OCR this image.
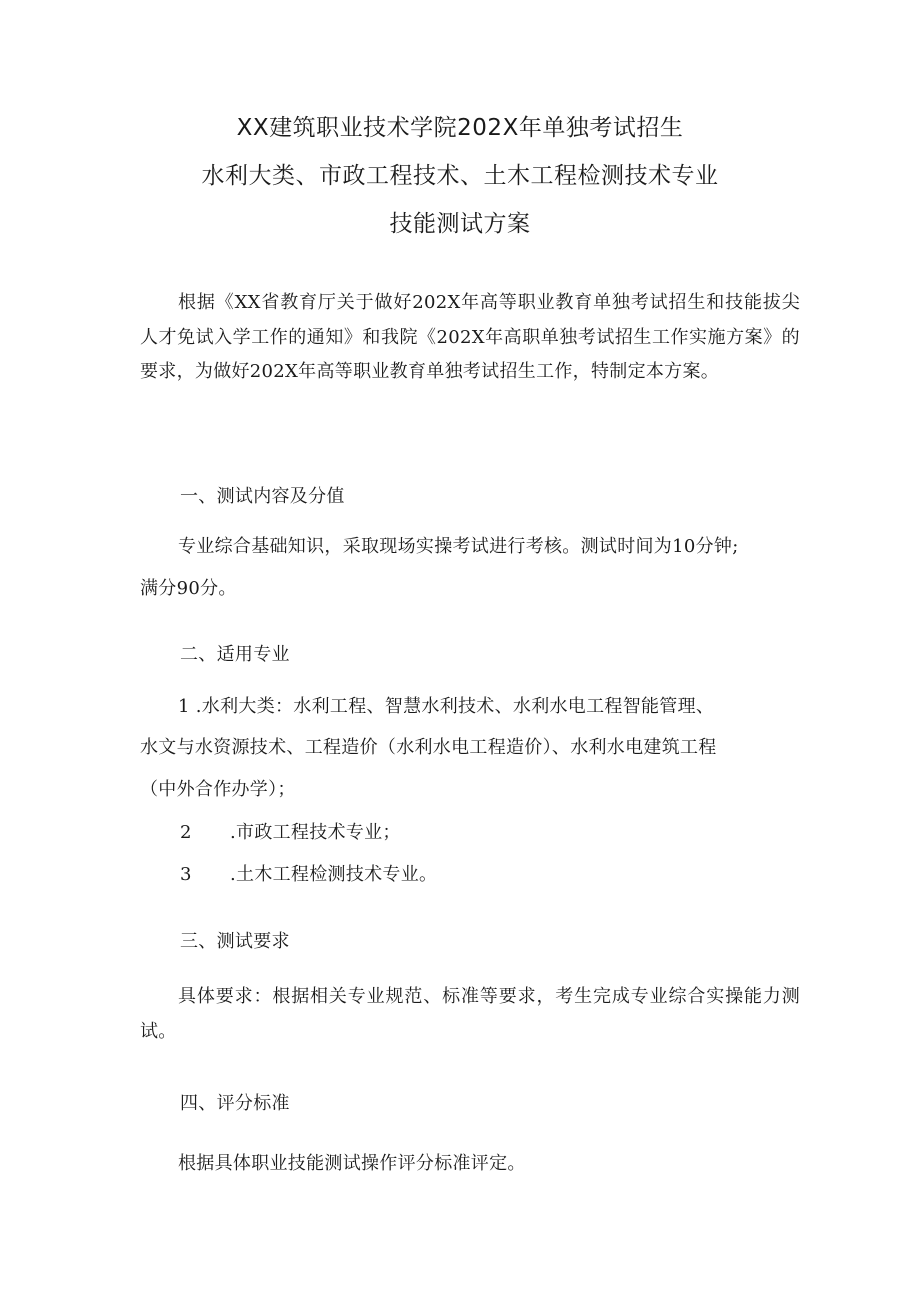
XX建筑职业技术学院202X年单独考试招生
水利大类、市政工程技术、土木工程检测技术专业
技能测试方案
根据《XX省教育厅关于做好202X年高等职业教育单独考试招生和技能拔尖人才免试入学工作的通知》和我院《202X年高职单独考试招生工作实施方案》的要求，为做好202X年高等职业教育单独考试招生工作，特制定本方案。
一、测试内容及分值
专业综合基础知识，采取现场实操考试进行考核。测试时间为10分钟;
满分90分。
二、适用专业
1 .水利大类：水利工程、智慧水利技术、水利水电工程智能管理、
水文与水资源技术、工程造价（水利水电工程造价）、水利水电建筑工程
（中外合作办学）；
2 .市政工程技术专业；
3 .土木工程检测技术专业。
三、测试要求
具体要求：根据相关专业规范、标准等要求，考生完成专业综合实操能力测试。
四、评分标准
根据具体职业技能测试操作评分标准评定。
